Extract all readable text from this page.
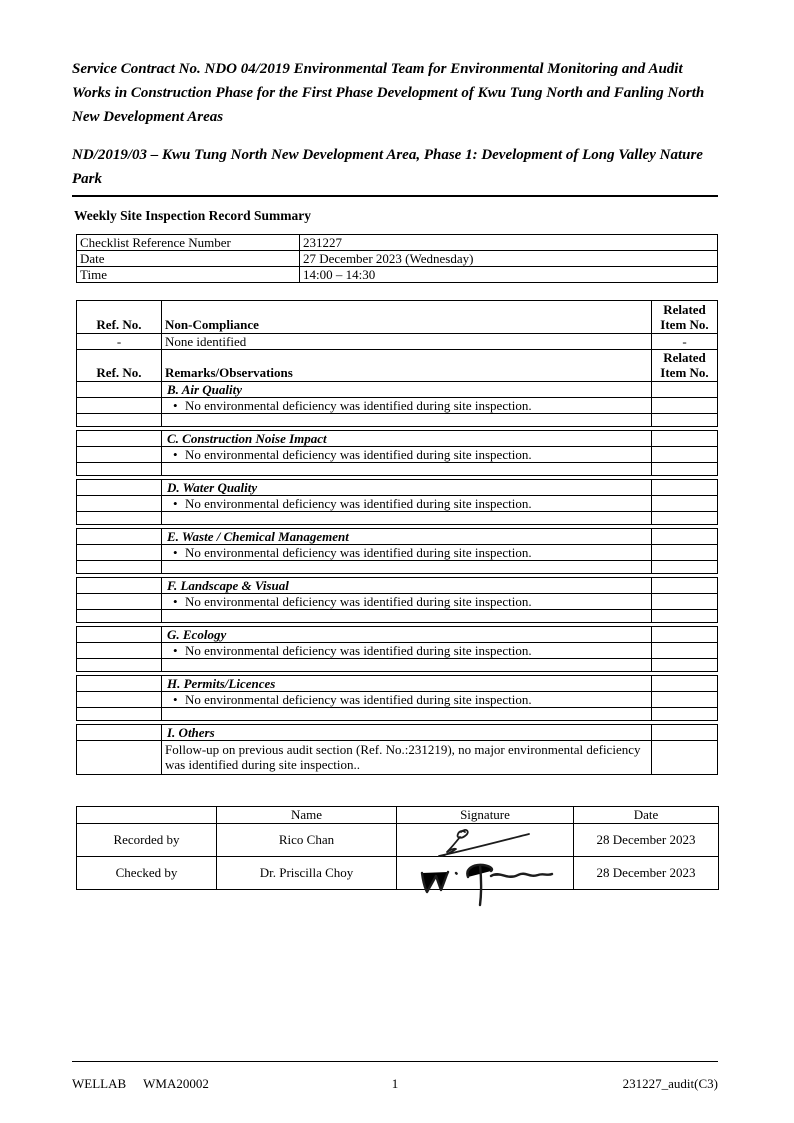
Service Contract No. NDO 04/2019 Environmental Team for Environmental Monitoring and Audit Works in Construction Phase for the First Phase Development of Kwu Tung North and Fanling North New Development Areas

ND/2019/03 – Kwu Tung North New Development Area, Phase 1: Development of Long Valley Nature Park

Weekly Site Inspection Record Summary
Checklist Reference Number	231227
Date	27 December 2023 (Wednesday)
Time	14:00 – 14:30
Ref. No.	Non-Compliance	Related Item No.
-	None identified	-
Ref. No.	Remarks/Observations	Related Item No.
	B. Air Quality	
	• No environmental deficiency was identified during site inspection.	

	C. Construction Noise Impact	
	• No environmental deficiency was identified during site inspection.	

	D. Water Quality	
	• No environmental deficiency was identified during site inspection.	

	E. Waste / Chemical Management	
	• No environmental deficiency was identified during site inspection.	

	F. Landscape & Visual	
	• No environmental deficiency was identified during site inspection.	

	G. Ecology	
	• No environmental deficiency was identified during site inspection.	

	H. Permits/Licences	
	• No environmental deficiency was identified during site inspection.	

	I. Others	
	Follow-up on previous audit section (Ref. No.:231219), no major environmental deficiency was identified during site inspection..	
	Name	Signature	Date
Recorded by	Rico Chan		28 December 2023
Checked by	Dr. Priscilla Choy		28 December 2023
WELLAB WMA20002	1	231227_audit(C3)
